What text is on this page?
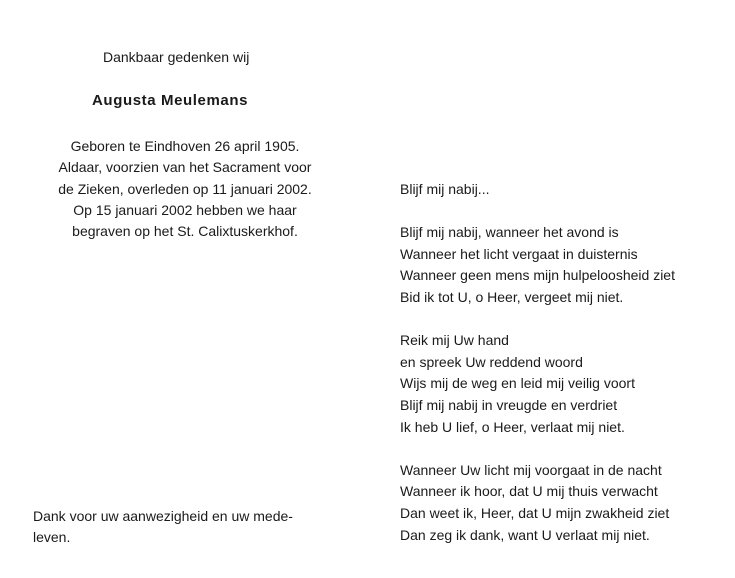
Dankbaar gedenken wij
Augusta Meulemans
Geboren te Eindhoven 26 april 1905.
Aldaar, voorzien van het Sacrament voor
de Zieken, overleden op 11 januari 2002.
Op 15 januari 2002 hebben we haar
begraven op het St. Calixtuskerkhof.
Dank voor uw aanwezigheid en uw mede-
leven.
Blijf mij nabij...
Blijf mij nabij, wanneer het avond is
Wanneer het licht vergaat in duisternis
Wanneer geen mens mijn hulpeloosheid ziet
Bid ik tot U, o Heer, vergeet mij niet.
Reik mij Uw hand
en spreek Uw reddend woord
Wijs mij de weg en leid mij veilig voort
Blijf mij nabij in vreugde en verdriet
Ik heb U lief, o Heer, verlaat mij niet.
Wanneer Uw licht mij voorgaat in de nacht
Wanneer ik hoor, dat U mij thuis verwacht
Dan weet ik, Heer, dat U mijn zwakheid ziet
Dan zeg ik dank, want U verlaat mij niet.
